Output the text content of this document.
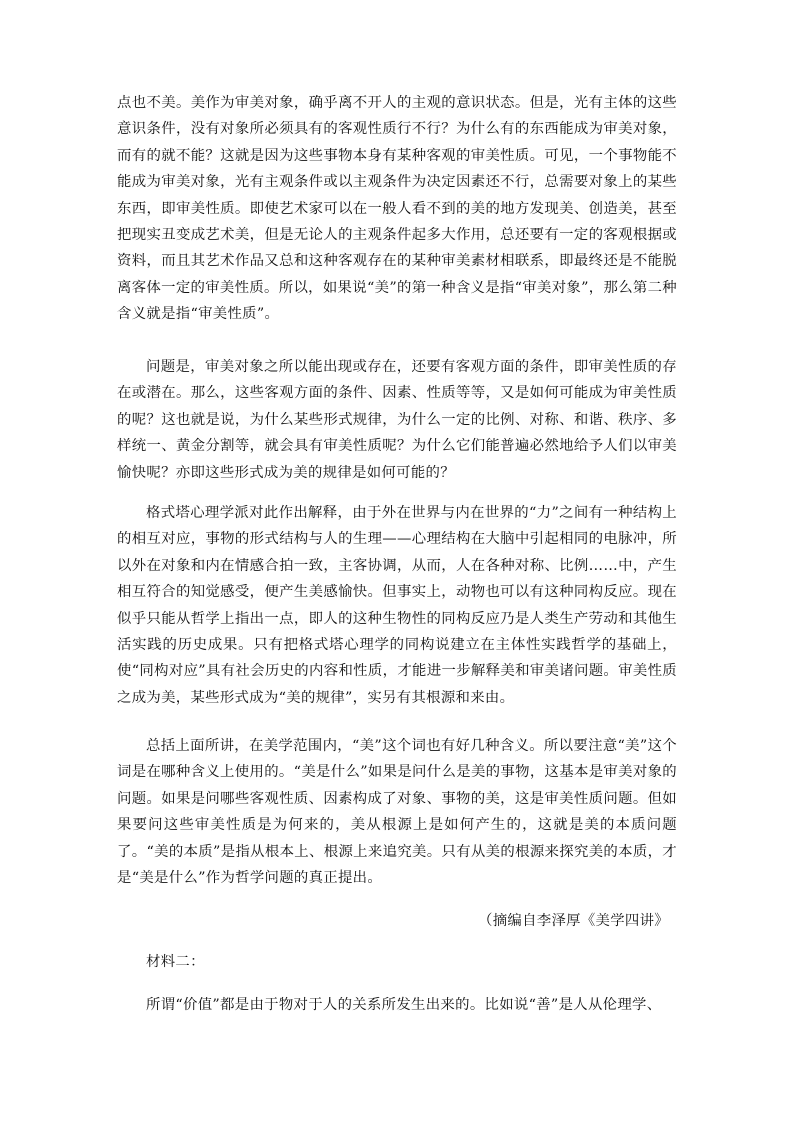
点也不美。美作为审美对象，确乎离不开人的主观的意识状态。但是，光有主体的这些意识条件，没有对象所必须具有的客观性质行不行？为什么有的东西能成为审美对象，而有的就不能？这就是因为这些事物本身有某种客观的审美性质。可见，一个事物能不能成为审美对象，光有主观条件或以主观条件为决定因素还不行，总需要对象上的某些东西，即审美性质。即使艺术家可以在一般人看不到的美的地方发现美、创造美，甚至把现实丑变成艺术美，但是无论人的主观条件起多大作用，总还要有一定的客观根据或资料，而且其艺术作品又总和这种客观存在的某种审美素材相联系，即最终还是不能脱离客体一定的审美性质。所以，如果说“美”的第一种含义是指“审美对象”，那么第二种含义就是指“审美性质”。

问题是，审美对象之所以能出现或存在，还要有客观方面的条件，即审美性质的存在或潜在。那么，这些客观方面的条件、因素、性质等等，又是如何可能成为审美性质的呢？这也就是说，为什么某些形式规律，为什么一定的比例、对称、和谐、秩序、多样统一、黄金分割等，就会具有审美性质呢？为什么它们能普遍必然地给予人们以审美愉快呢？亦即这些形式成为美的规律是如何可能的？

格式塔心理学派对此作出解释，由于外在世界与内在世界的“力”之间有一种结构上的相互对应，事物的形式结构与人的生理——心理结构在大脑中引起相同的电脉冲，所以外在对象和内在情感合拍一致，主客协调，从而，人在各种对称、比例……中，产生相互符合的知觉感受，便产生美感愉快。但事实上，动物也可以有这种同构反应。现在似乎只能从哲学上指出一点，即人的这种生物性的同构反应乃是人类生产劳动和其他生活实践的历史成果。只有把格式塔心理学的同构说建立在主体性实践哲学的基础上，使“同构对应”具有社会历史的内容和性质，才能进一步解释美和审美诸问题。审美性质之成为美，某些形式成为“美的规律”，实另有其根源和来由。

总括上面所讲，在美学范围内，“美”这个词也有好几种含义。所以要注意“美”这个词是在哪种含义上使用的。“美是什么”如果是问什么是美的事物，这基本是审美对象的问题。如果是问哪些客观性质、因素构成了对象、事物的美，这是审美性质问题。但如果要问这些审美性质是为何来的，美从根源上是如何产生的，这就是美的本质问题了。“美的本质”是指从根本上、根源上来追究美。只有从美的根源来探究美的本质，才是“美是什么”作为哲学问题的真正提出。

（摘编自李泽厚《美学四讲》

材料二：

所谓“价值”都是由于物对于人的关系所发生出来的。比如说“善”是人从伦理学、
